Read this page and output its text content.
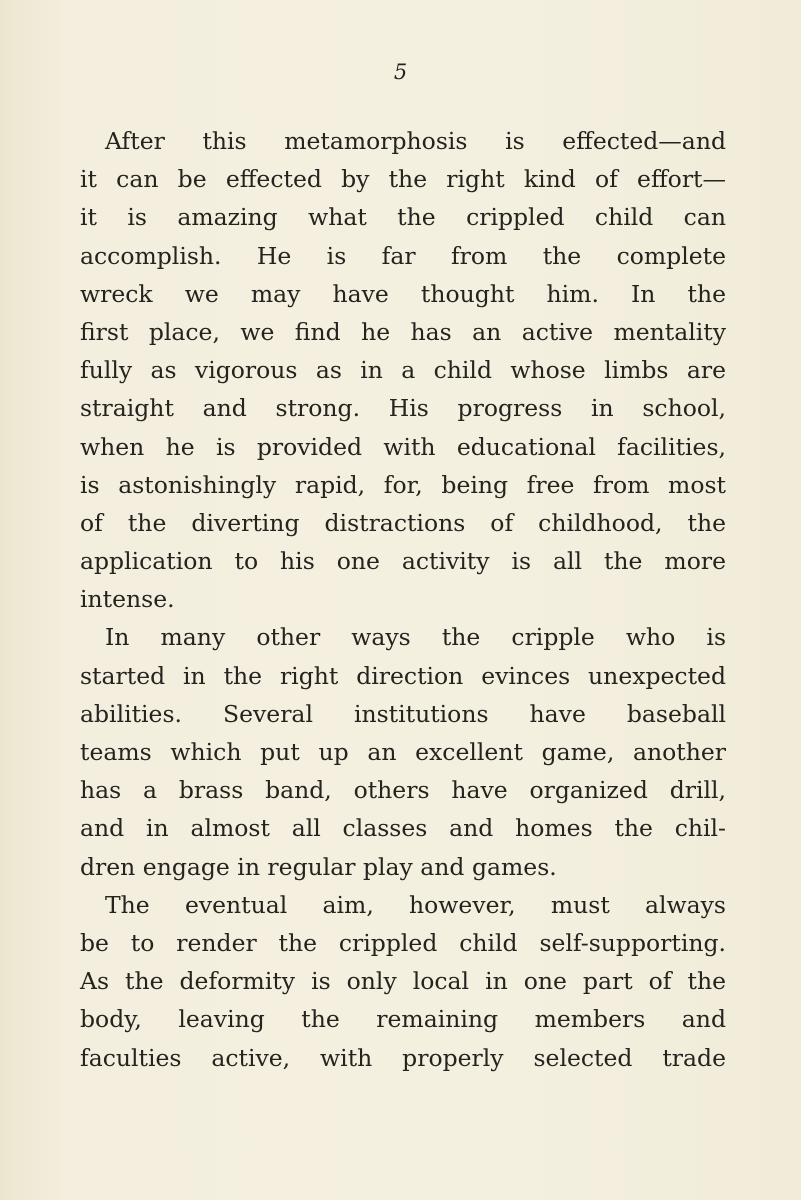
5
After this metamorphosis is effected—and
it can be effected by the right kind of effort—
it is amazing what the crippled child can
accomplish. He is far from the complete
wreck we may have thought him. In the
first place, we find he has an active mentality
fully as vigorous as in a child whose limbs are
straight and strong. His progress in school,
when he is provided with educational facilities,
is astonishingly rapid, for, being free from most
of the diverting distractions of childhood, the
application to his one activity is all the more
intense.
In many other ways the cripple who is
started in the right direction evinces unexpected
abilities. Several institutions have baseball
teams which put up an excellent game, another
has a brass band, others have organized drill,
and in almost all classes and homes the chil-
dren engage in regular play and games.
The eventual aim, however, must always
be to render the crippled child self-supporting.
As the deformity is only local in one part of the
body, leaving the remaining members and
faculties active, with properly selected trade
